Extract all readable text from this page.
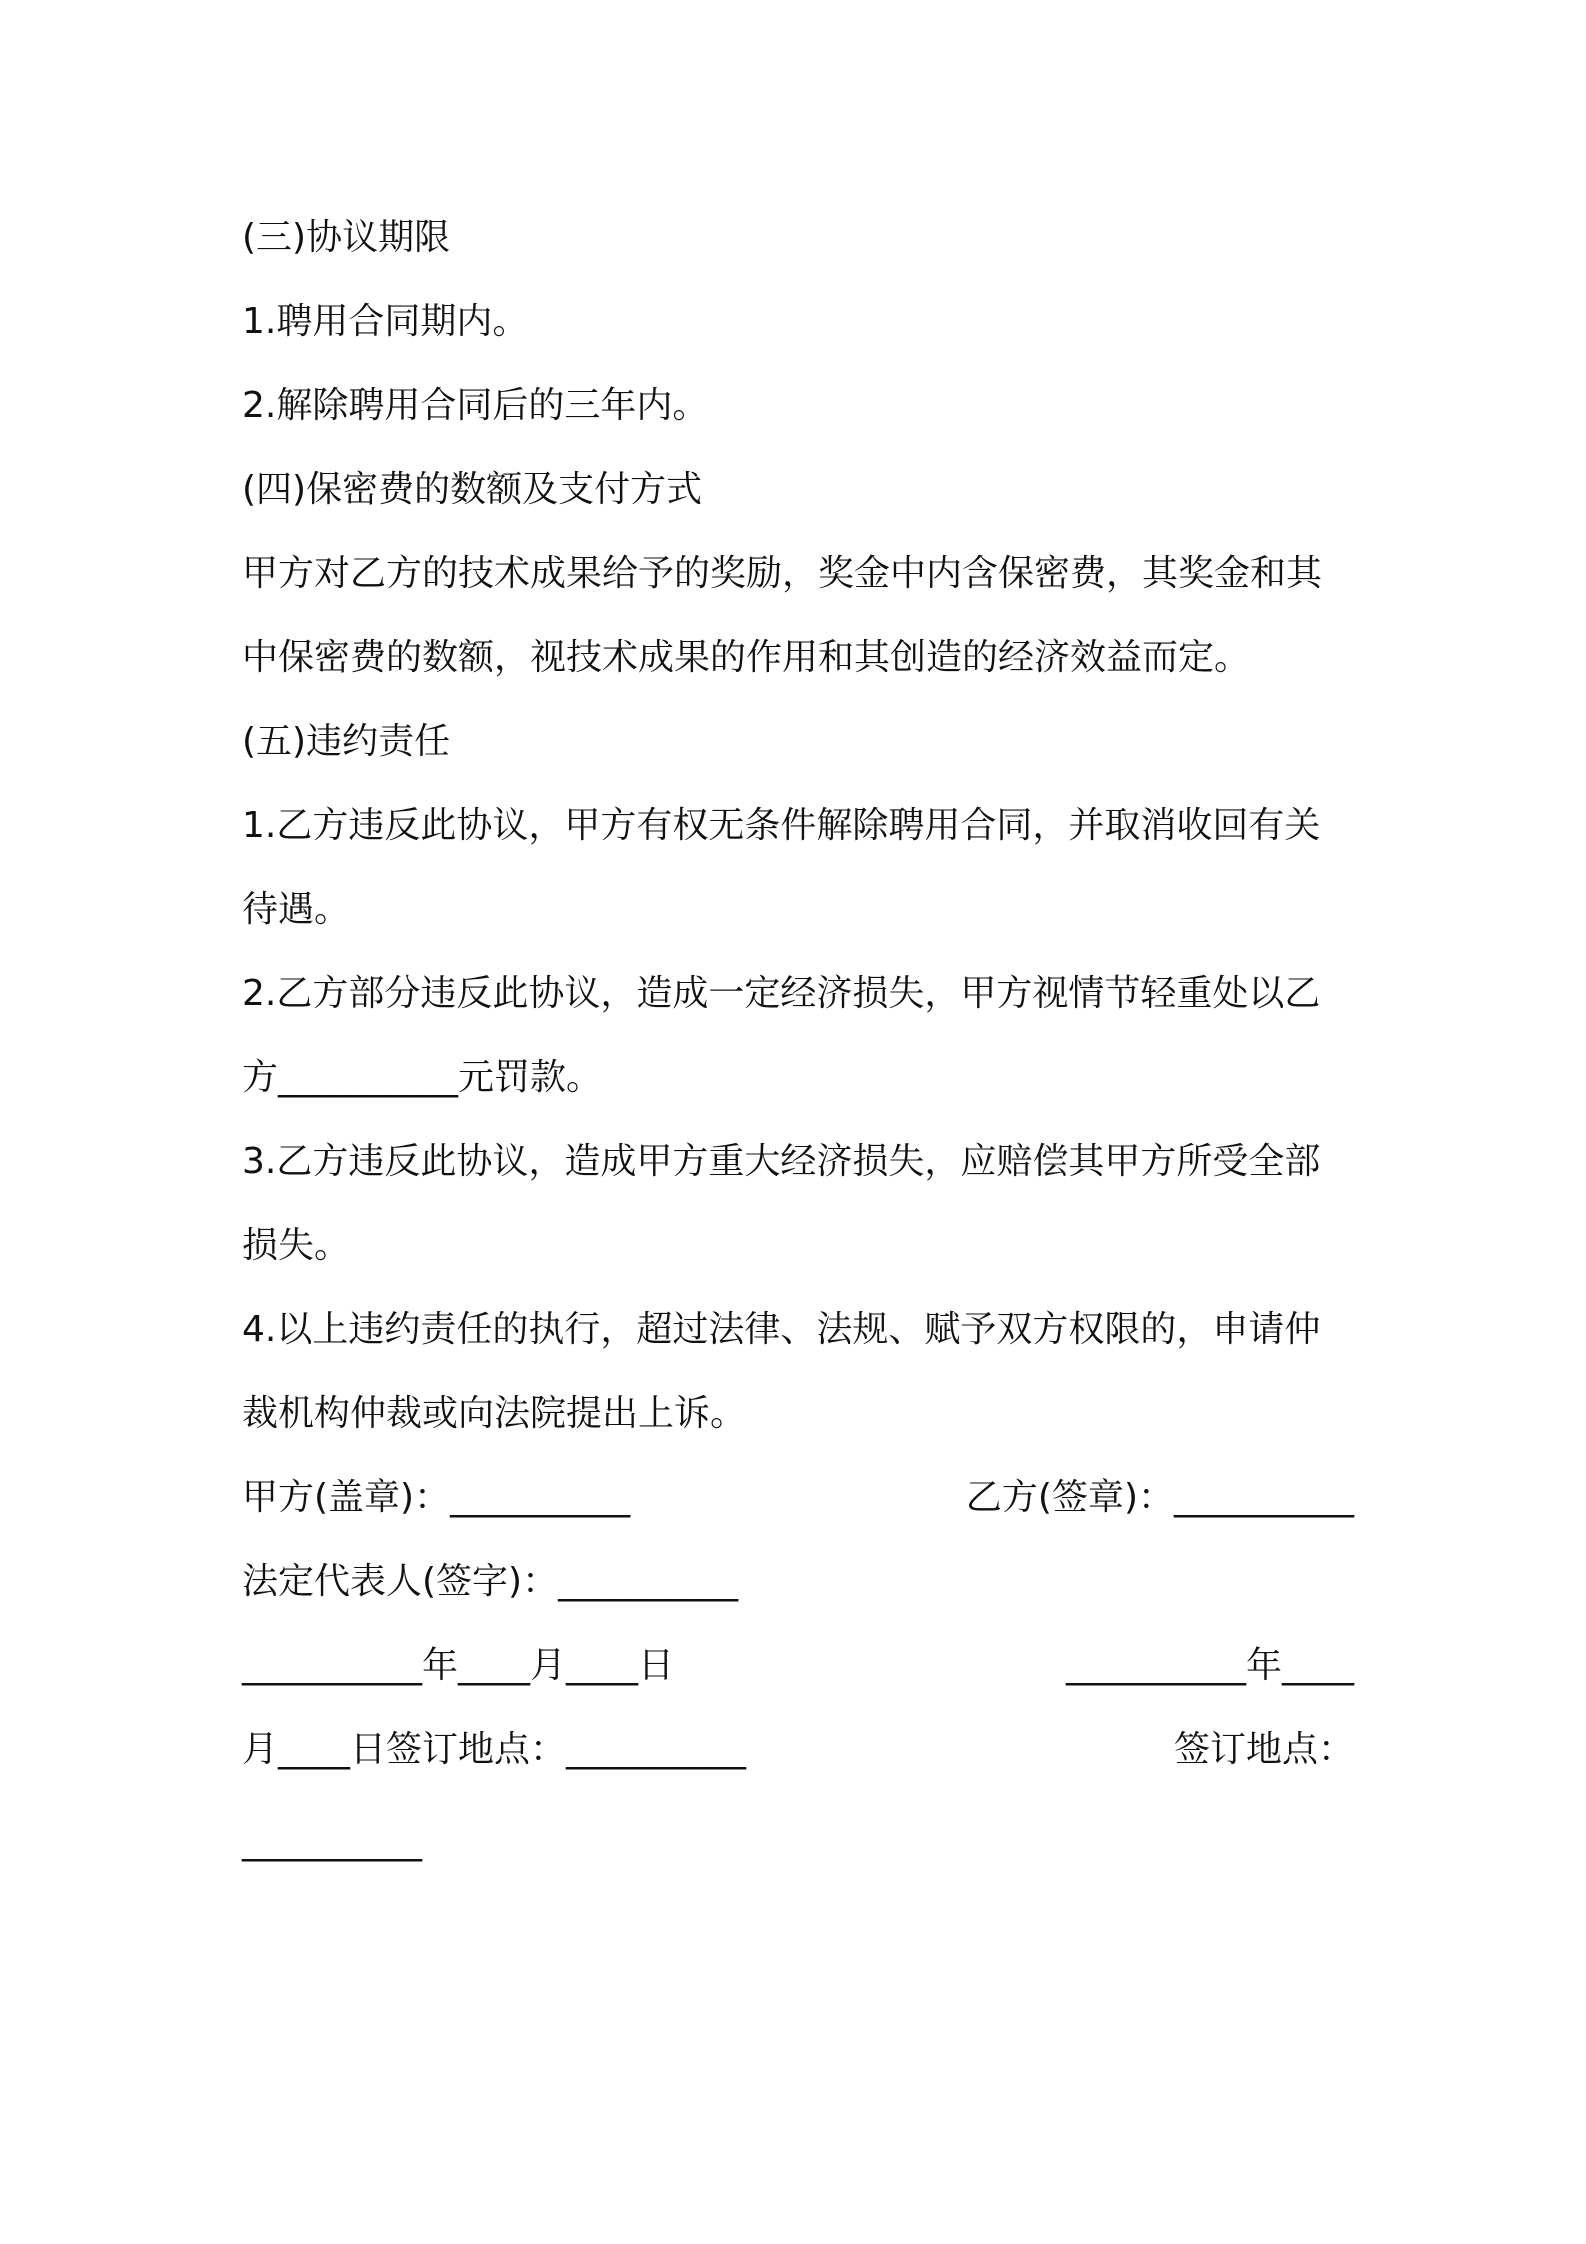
(三)协议期限
1.聘用合同期内。
2.解除聘用合同后的三年内。
(四)保密费的数额及支付方式
甲方对乙方的技术成果给予的奖励，奖金中内含保密费，其奖金和其
中保密费的数额，视技术成果的作用和其创造的经济效益而定。
(五)违约责任
1.乙方违反此协议，甲方有权无条件解除聘用合同，并取消收回有关
待遇。
2.乙方部分违反此协议，造成一定经济损失，甲方视情节轻重处以乙
方__________元罚款。
3.乙方违反此协议，造成甲方重大经济损失，应赔偿其甲方所受全部
损失。
4.以上违约责任的执行，超过法律、法规、赋予双方权限的，申请仲
裁机构仲裁或向法院提出上诉。
甲方(盖章)：__________	乙方(签章)：__________
法定代表人(签字)：__________
__________年____月____日	__________年____
月____日签订地点：__________	签订地点：
__________
